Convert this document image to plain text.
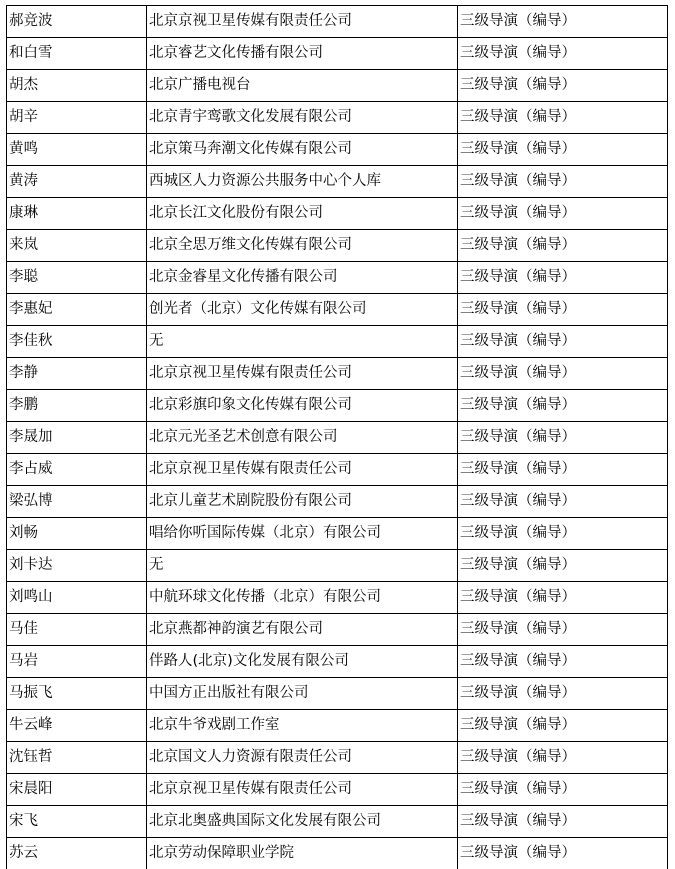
郝竞波	北京京视卫星传媒有限责任公司	三级导演（编导）
和白雪	北京睿艺文化传播有限公司	三级导演（编导）
胡杰	北京广播电视台	三级导演（编导）
胡辛	北京青宇鸾歌文化发展有限公司	三级导演（编导）
黄鸣	北京策马奔潮文化传媒有限公司	三级导演（编导）
黄涛	西城区人力资源公共服务中心个人库	三级导演（编导）
康琳	北京长江文化股份有限公司	三级导演（编导）
来岚	北京全思万维文化传媒有限公司	三级导演（编导）
李聪	北京金睿星文化传播有限公司	三级导演（编导）
李惠妃	创光者（北京）文化传媒有限公司	三级导演（编导）
李佳秋	无	三级导演（编导）
李静	北京京视卫星传媒有限责任公司	三级导演（编导）
李鹏	北京彩旗印象文化传媒有限公司	三级导演（编导）
李晟加	北京元光圣艺术创意有限公司	三级导演（编导）
李占威	北京京视卫星传媒有限责任公司	三级导演（编导）
梁弘博	北京儿童艺术剧院股份有限公司	三级导演（编导）
刘畅	唱给你听国际传媒（北京）有限公司	三级导演（编导）
刘卡达	无	三级导演（编导）
刘鸣山	中航环球文化传播（北京）有限公司	三级导演（编导）
马佳	北京燕都神韵演艺有限公司	三级导演（编导）
马岩	伴路人(北京)文化发展有限公司	三级导演（编导）
马振飞	中国方正出版社有限公司	三级导演（编导）
牛云峰	北京牛爷戏剧工作室	三级导演（编导）
沈钰哲	北京国文人力资源有限责任公司	三级导演（编导）
宋晨阳	北京京视卫星传媒有限责任公司	三级导演（编导）
宋飞	北京北奥盛典国际文化发展有限公司	三级导演（编导）
苏云	北京劳动保障职业学院	三级导演（编导）
